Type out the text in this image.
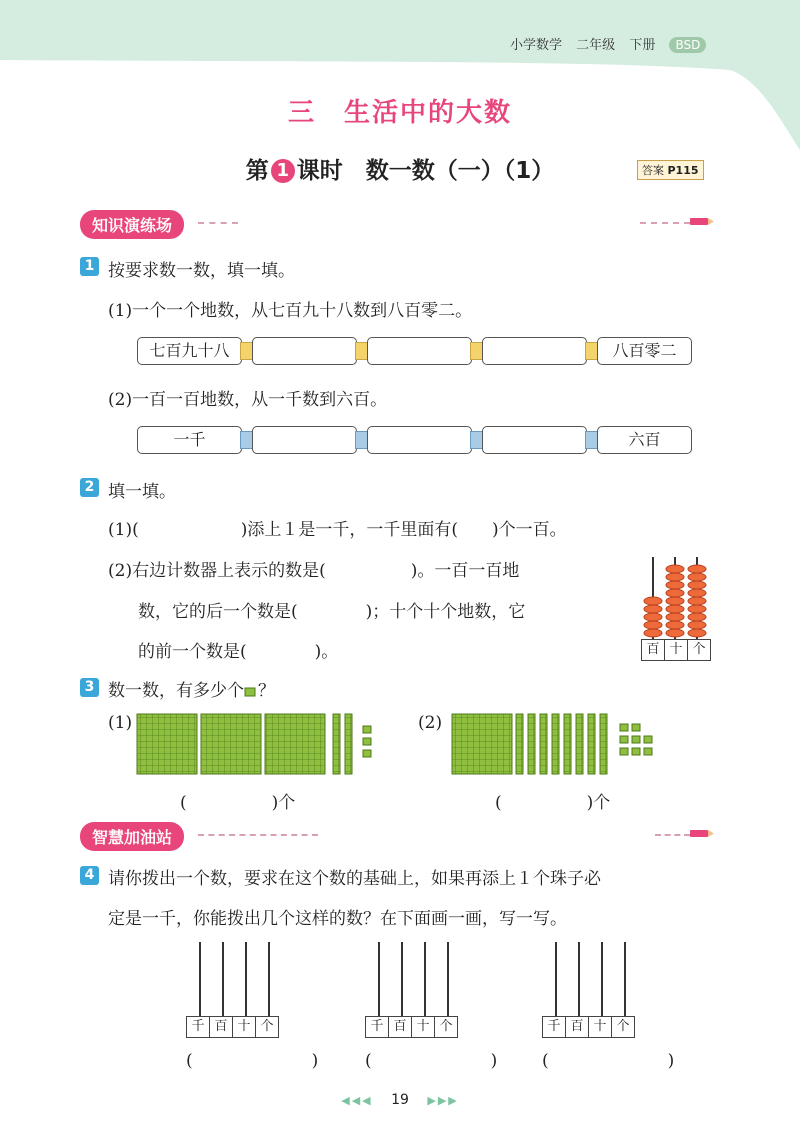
小学数学 二年级 下册 BSD
三　生活中的大数
第 1 课时　数一数（一）（1）	答案 P115
知识演练场
1 按要求数一数，填一填。
(1)一个一个地数，从七百九十八数到八百零二。
七百九十八	八百零二
(2)一百一百地数，从一千数到六百。
一千	六百
2 填一填。
(1)(　　　　　　)添上１是一千，一千里面有(　　)个一百。
(2)右边计数器上表示的数是(　　　　　)。一百一百地
数，它的后一个数是(　　　　)；十个十个地数，它
的前一个数是(　　　　)。	百 十 个
3 数一数，有多少个 ？
(1)
(　　　　　)个
(2)
(　　　　　)个
智慧加油站
4 请你拨出一个数，要求在这个数的基础上，如果再添上１个珠子必
定是一千，你能拨出几个这样的数？在下面画一画，写一写。
千 百 十 个
(　　　　　　　)
千 百 十 个
(　　　　　　　)
千 百 十 个
(　　　　　　　)
◀◀◀ 19 ▶▶▶
